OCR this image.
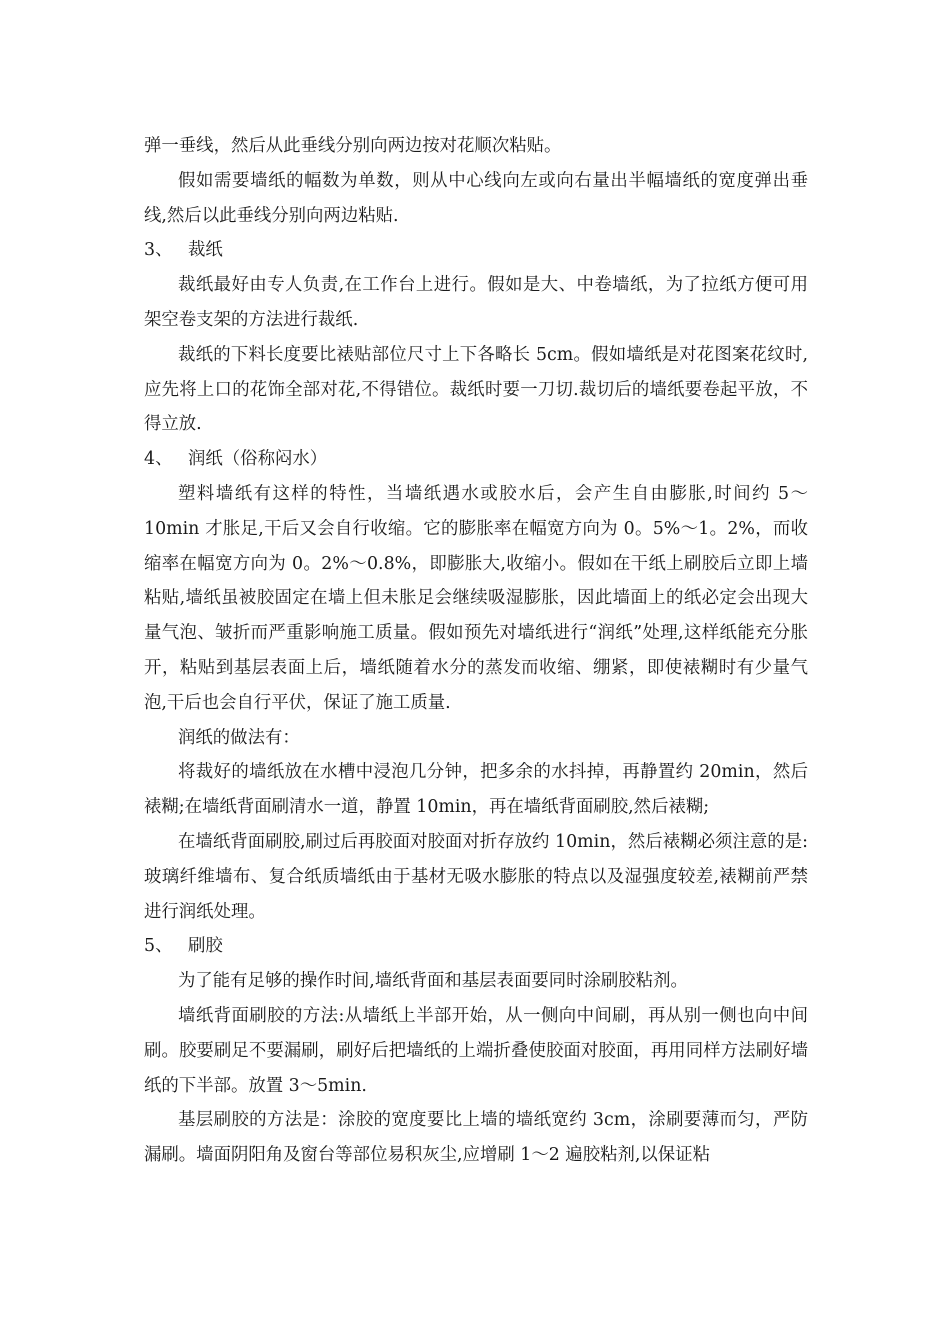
弹一垂线，然后从此垂线分别向两边按对花顺次粘贴。

假如需要墙纸的幅数为单数，则从中心线向左或向右量出半幅墙纸的宽度弹出垂线,然后以此垂线分别向两边粘贴.

3、 裁纸

裁纸最好由专人负责,在工作台上进行。假如是大、中卷墙纸，为了拉纸方便可用架空卷支架的方法进行裁纸.

裁纸的下料长度要比裱贴部位尺寸上下各略长 5cm。假如墙纸是对花图案花纹时,应先将上口的花饰全部对花,不得错位。裁纸时要一刀切.裁切后的墙纸要卷起平放，不得立放.

4、 润纸（俗称闷水）

塑料墙纸有这样的特性，当墙纸遇水或胶水后，会产生自由膨胀,时间约 5～10min 才胀足,干后又会自行收缩。它的膨胀率在幅宽方向为 0。5%～1。2%，而收缩率在幅宽方向为 0。2%～0.8%，即膨胀大,收缩小。假如在干纸上刷胶后立即上墙粘贴,墙纸虽被胶固定在墙上但未胀足会继续吸湿膨胀，因此墙面上的纸必定会出现大量气泡、皱折而严重影响施工质量。假如预先对墙纸进行“润纸”处理,这样纸能充分胀开，粘贴到基层表面上后，墙纸随着水分的蒸发而收缩、绷紧，即使裱糊时有少量气泡,干后也会自行平伏，保证了施工质量.

润纸的做法有：

将裁好的墙纸放在水槽中浸泡几分钟，把多余的水抖掉，再静置约 20min，然后裱糊;在墙纸背面刷清水一道，静置 10min，再在墙纸背面刷胶,然后裱糊;

在墙纸背面刷胶,刷过后再胶面对胶面对折存放约 10min，然后裱糊必须注意的是:玻璃纤维墙布、复合纸质墙纸由于基材无吸水膨胀的特点以及湿强度较差,裱糊前严禁进行润纸处理。

5、 刷胶

为了能有足够的操作时间,墙纸背面和基层表面要同时涂刷胶粘剂。

墙纸背面刷胶的方法:从墙纸上半部开始，从一侧向中间刷，再从别一侧也向中间刷。胶要刷足不要漏刷，刷好后把墙纸的上端折叠使胶面对胶面，再用同样方法刷好墙纸的下半部。放置 3～5min.

基层刷胶的方法是：涂胶的宽度要比上墙的墙纸宽约 3cm，涂刷要薄而匀，严防漏刷。墙面阴阳角及窗台等部位易积灰尘,应增刷 1～2 遍胶粘剂,以保证粘
